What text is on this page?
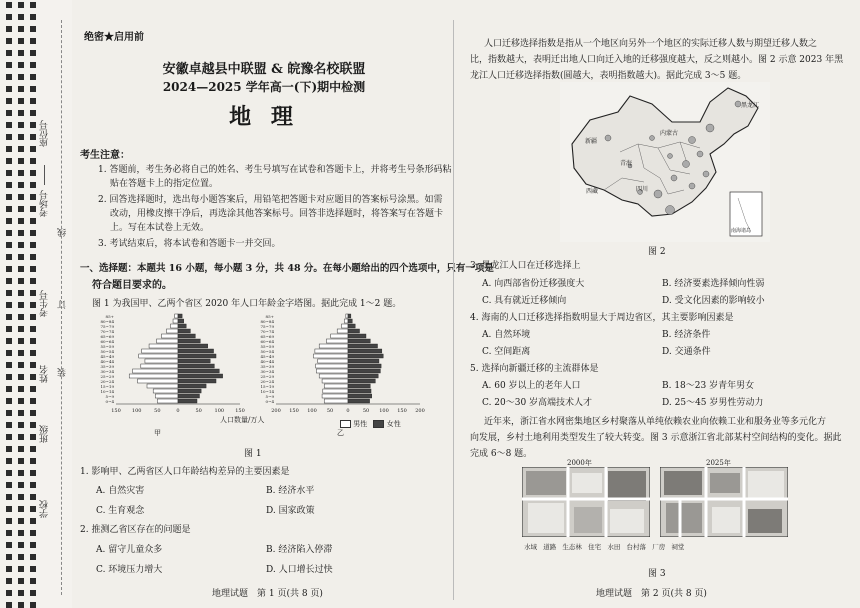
座位号
考场号
考生号
姓名
班级
学校
线
订
装
绝密★启用前
安徽卓越县中联盟 & 皖豫名校联盟
2024—2025 学年高一(下)期中检测
地 理
考生注意：
1. 答题前，考生务必将自己的姓名、考生号填写在试卷和答题卡上，并将考生号条形码粘
贴在答题卡上的指定位置。
2. 回答选择题时，选出每小题答案后，用铅笔把答题卡对应题目的答案标号涂黑。如需
改动，用橡皮擦干净后，再选涂其他答案标号。回答非选择题时，将答案写在答题卡
上。写在本试卷上无效。
3. 考试结束后，将本试卷和答题卡一并交回。
一、选择题：本题共 16 小题，每小题 3 分，共 48 分。在每小题给出的四个选项中，只有一项是
符合题目要求的。
图 1 为我国甲、乙两个省区 2020 年人口年龄金字塔图。据此完成 1～2 题。
85+
80~84
75~79
70~74
65~69
60~64
55~59
50~54
45~49
40~44
35~39
30~34
25~29
20~24
15~19
10~14
5~9
0~4
150 100	50	0	50	100 150
85+
80~84
75~79
70~74
65~69
60~64
55~59
50~54
45~49
40~44
35~39
30~34
25~29
20~24
15~19
10~14
5~9
0~4
200 150 100 50	0	50 100 150 200
人口数量/万人
甲	乙
男性	女性
图 1
1. 影响甲、乙两省区人口年龄结构差异的主要因素是
A. 自然灾害	B. 经济水平
C. 生育观念	D. 国家政策
2. 推测乙省区存在的问题是
A. 留守儿童众多	B. 经济陷入停滞
C. 环境压力增大	D. 人口增长过快
地理试题　第 1 页(共 8 页)
人口迁移选择指数是指从一个地区向另外一个地区的实际迁移人数与期望迁移人数之
比，指数越大，表明迁出地人口向迁入地的迁移强度越大，反之则越小。图 2 示意 2023 年黑
龙江人口迁移选择指数(圆越大，表明指数越大)。据此完成 3～5 题。
黑龙江
新疆
西藏
青海
内蒙古
四川
南海诸岛
图 2
3. 黑龙江人口在迁移选择上
A. 向西部省份迁移强度大	B. 经济要素选择倾向性弱
C. 具有就近迁移倾向	D. 受文化因素的影响较小
4. 海南的人口迁移选择指数明显大于周边省区，其主要影响因素是
A. 自然环境	B. 经济条件
C. 空间距离	D. 交通条件
5. 选择向新疆迁移的主流群体是
A. 60 岁以上的老年人口	B. 18～23 岁青年男女
C. 20～30 岁高端技术人才	D. 25～45 岁男性劳动力
近年来，浙江省水网密集地区乡村聚落从单纯依赖农业向依赖工业和服务业等多元化方
向发展，乡村土地利用类型发生了较大转变。图 3 示意浙江省北部某村空间结构的变化。据此
完成 6～8 题。
2000年	2025年
水域 道路 生态林 住宅 水田 台村落 厂房 祠堂
图 3
地理试题　第 2 页(共 8 页)
